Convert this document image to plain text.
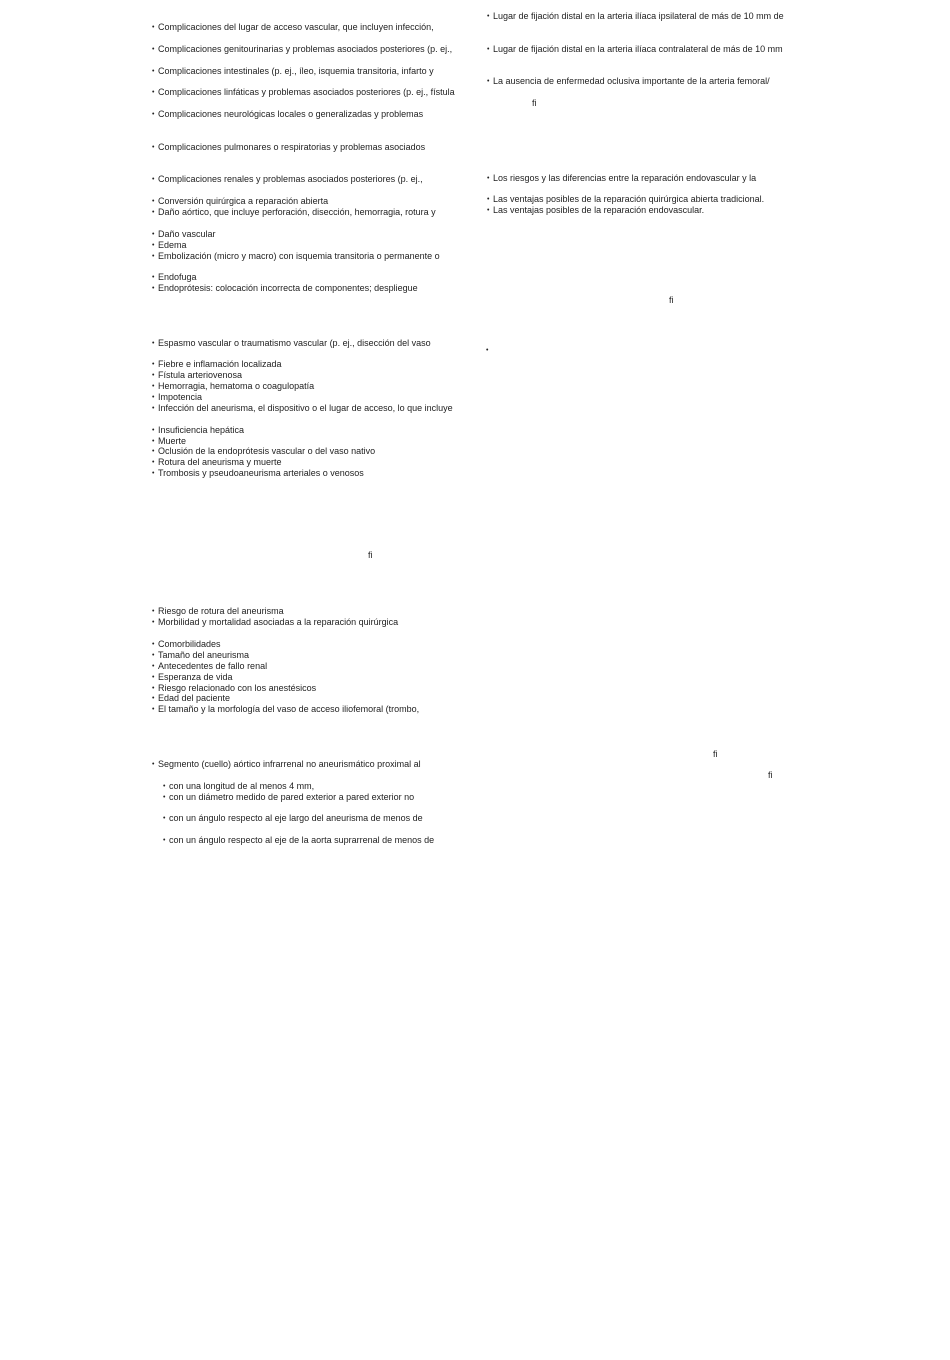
• Complicaciones del lugar de acceso vascular, que incluyen infección,
• Complicaciones genitourinarias y problemas asociados posteriores (p. ej.,
• Complicaciones intestinales (p. ej., íleo, isquemia transitoria, infarto y
• Complicaciones linfáticas y problemas asociados posteriores (p. ej., fístula
• Complicaciones neurológicas locales o generalizadas y problemas
• Complicaciones pulmonares o respiratorias y problemas asociados
• Complicaciones renales y problemas asociados posteriores (p. ej.,
• Conversión quirúrgica a reparación abierta
• Daño aórtico, que incluye perforación, disección, hemorragia, rotura y
• Daño vascular
• Edema
• Embolización (micro y macro) con isquemia transitoria o permanente o
• Endofuga
• Endoprótesis: colocación incorrecta de componentes; despliegue
• Espasmo vascular o traumatismo vascular (p. ej., disección del vaso
• Fiebre e inflamación localizada
• Fístula arteriovenosa
• Hemorragia, hematoma o coagulopatía
• Impotencia
• Infección del aneurisma, el dispositivo o el lugar de acceso, lo que incluye
• Insuficiencia hepática
• Muerte
• Oclusión de la endoprótesis vascular o del vaso nativo
• Rotura del aneurisma y muerte
• Trombosis y pseudoaneurisma arteriales o venosos
ﬁ
• Riesgo de rotura del aneurisma
• Morbilidad y mortalidad asociadas a la reparación quirúrgica
• Comorbilidades
• Tamaño del aneurisma
• Antecedentes de fallo renal
• Esperanza de vida
• Riesgo relacionado con los anestésicos
• Edad del paciente
• El tamaño y la morfología del vaso de acceso iliofemoral (trombo,
• Segmento (cuello) aórtico infrarrenal no aneurismático proximal al
• con una longitud de al menos 4 mm,
• con un diámetro medido de pared exterior a pared exterior no
• con un ángulo respecto al eje largo del aneurisma de menos de
• con un ángulo respecto al eje de la aorta suprarrenal de menos de
• Lugar de fijación distal en la arteria ilíaca ipsilateral de más de 10 mm de
• Lugar de fijación distal en la arteria ilíaca contralateral de más de 10 mm
• La ausencia de enfermedad oclusiva importante de la arteria femoral/
ﬁ
• Los riesgos y las diferencias entre la reparación endovascular y la
• Las ventajas posibles de la reparación quirúrgica abierta tradicional.
• Las ventajas posibles de la reparación endovascular.
ﬁ
•
ﬁ
ﬁ
